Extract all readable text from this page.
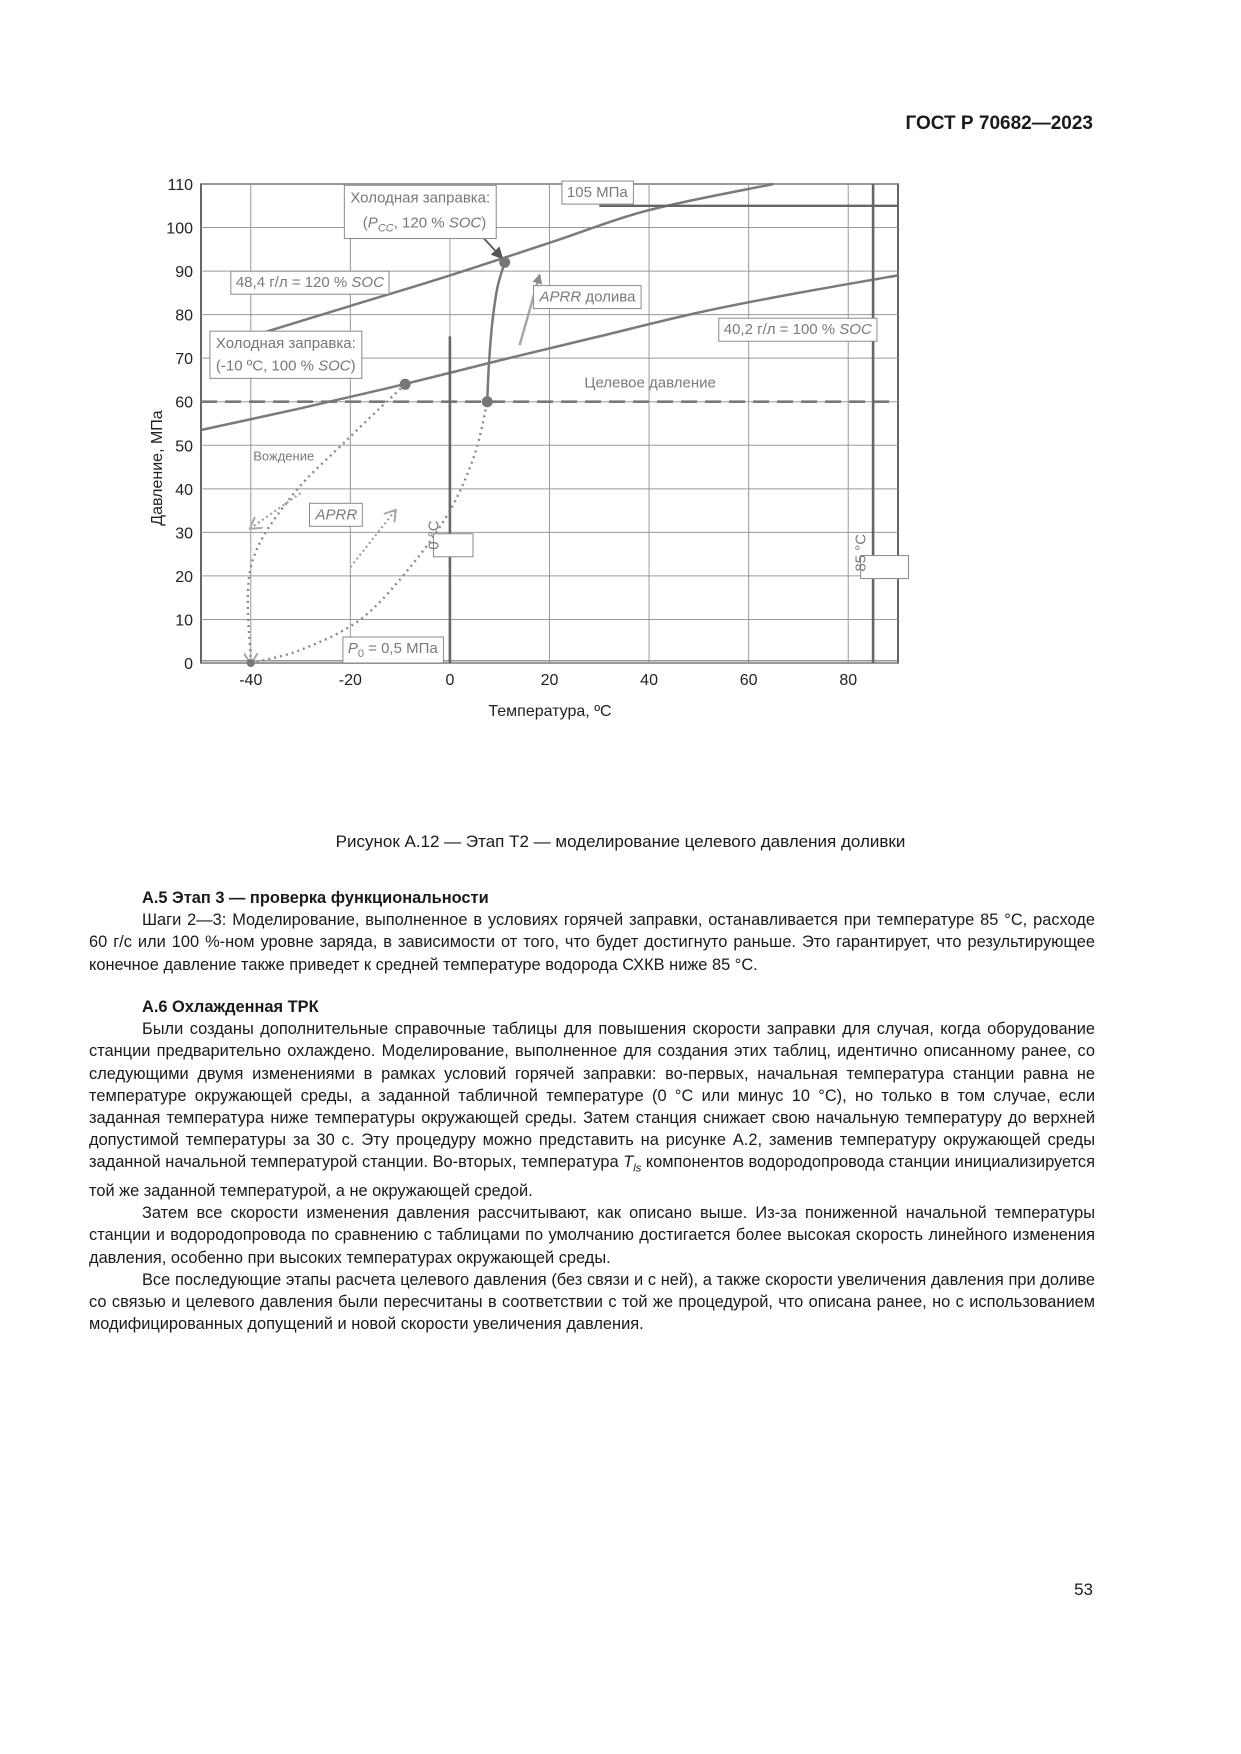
ГОСТ Р 70682—2023
0
10
20
30
40
50
60
70
80
90
100
110
-40	-20	0	20	40	60	80
105 МПа
Холодная заправка:
($P_{CC}$, 120 % SOC)
48,4 г/л = 120 % SOC
APRR долива
40,2 г/л = 100 % SOC
Холодная заправка:
(-10 ºС, 100 % SOC)
Целевое давление
Вождение
APRR
0 °С	85 °С
$P_0 = 0,5$ МПа
Температура, ºС
Давление, МПа
Рисунок А.12 — Этап T2 — моделирование целевого давления доливки

А.5 Этап 3 — проверка функциональности

Шаги 2—3: Моделирование, выполненное в условиях горячей заправки, останавливается при температуре 85 °С, расходе 60 г/с или 100 %-ном уровне заряда, в зависимости от того, что будет достигнуто раньше. Это гарантирует, что результирующее конечное давление также приведет к средней температуре водорода СХКВ ниже 85 °С.

А.6 Охлажденная ТРК

Были созданы дополнительные справочные таблицы для повышения скорости заправки для случая, когда оборудование станции предварительно охлаждено. Моделирование, выполненное для создания этих таблиц, идентично описанному ранее, со следующими двумя изменениями в рамках условий горячей заправки: во-первых, начальная температура станции равна не температуре окружающей среды, а заданной табличной температуре (0 °С или минус 10 °С), но только в том случае, если заданная температура ниже температуры окружающей среды. Затем станция снижает свою начальную температуру до верхней допустимой температуры за 30 с. Эту процедуру можно представить на рисунке А.2, заменив температуру окружающей среды заданной начальной температурой станции. Во-вторых, температура $T_{ls}$ компонентов водородопровода станции инициализируется той же заданной температурой, а не окружающей средой.

Затем все скорости изменения давления рассчитывают, как описано выше. Из-за пониженной начальной температуры станции и водородопровода по сравнению с таблицами по умолчанию достигается более высокая скорость линейного изменения давления, особенно при высоких температурах окружающей среды.

Все последующие этапы расчета целевого давления (без связи и с ней), а также скорости увеличения давления при доливе со связью и целевого давления были пересчитаны в соответствии с той же процедурой, что описана ранее, но с использованием модифицированных допущений и новой скорости увеличения давления.

53
